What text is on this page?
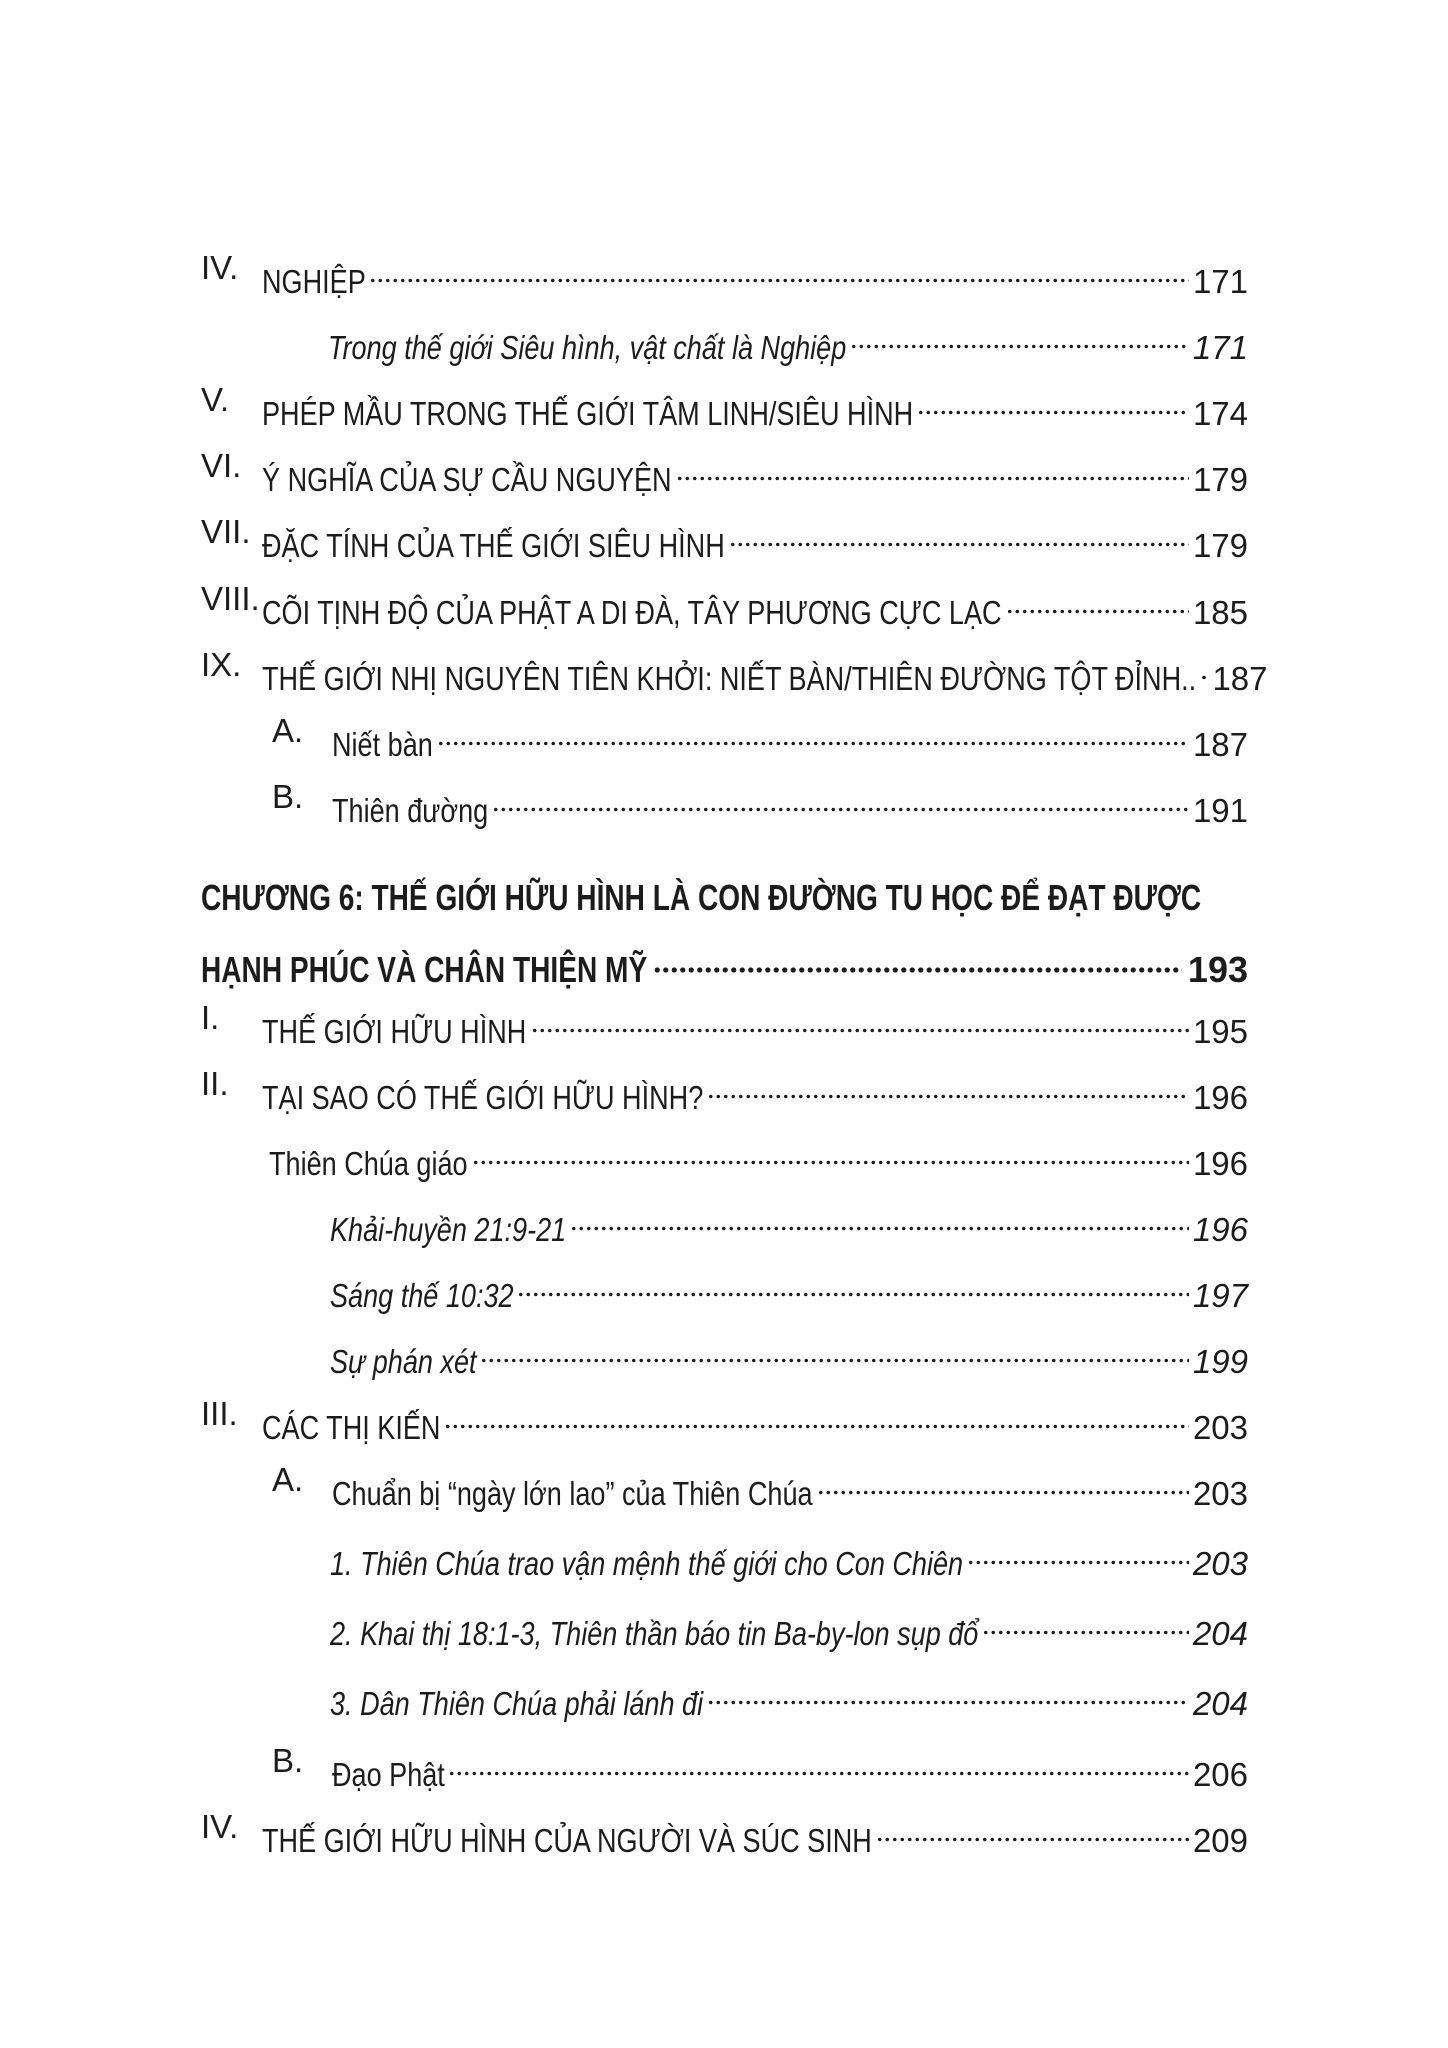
IV. NGHIỆP	171
Trong thế giới Siêu hình, vật chất là Nghiệp	171
V. PHÉP MẦU TRONG THẾ GIỚI TÂM LINH/SIÊU HÌNH	174
VI. Ý NGHĨA CỦA SỰ CẦU NGUYỆN	179
VII. ĐẶC TÍNH CỦA THẾ GIỚI SIÊU HÌNH	179
VIII. CÕI TỊNH ĐỘ CỦA PHẬT A DI ĐÀ, TÂY PHƯƠNG CỰC LẠC	185
IX. THẾ GIỚI NHỊ NGUYÊN TIÊN KHỞI: NIẾT BÀN/THIÊN ĐƯỜNG TỘT ĐỈNH.. 187
A. Niết bàn	187
B. Thiên đường	191
CHƯƠNG 6: THẾ GIỚI HỮU HÌNH LÀ CON ĐƯỜNG TU HỌC ĐỂ ĐẠT ĐƯỢC
HẠNH PHÚC VÀ CHÂN THIỆN MỸ	193
I. THẾ GIỚI HỮU HÌNH	195
II. TẠI SAO CÓ THẾ GIỚI HỮU HÌNH?	196
Thiên Chúa giáo	196
Khải-huyền 21:9-21	196
Sáng thế 10:32	197
Sự phán xét	199
III. CÁC THỊ KIẾN	203
A. Chuẩn bị “ngày lớn lao” của Thiên Chúa	203
1. Thiên Chúa trao vận mệnh thế giới cho Con Chiên	203
2. Khai thị 18:1-3, Thiên thần báo tin Ba-by-lon sụp đổ	204
3. Dân Thiên Chúa phải lánh đi	204
B. Đạo Phật	206
IV. THẾ GIỚI HỮU HÌNH CỦA NGƯỜI VÀ SÚC SINH	209
